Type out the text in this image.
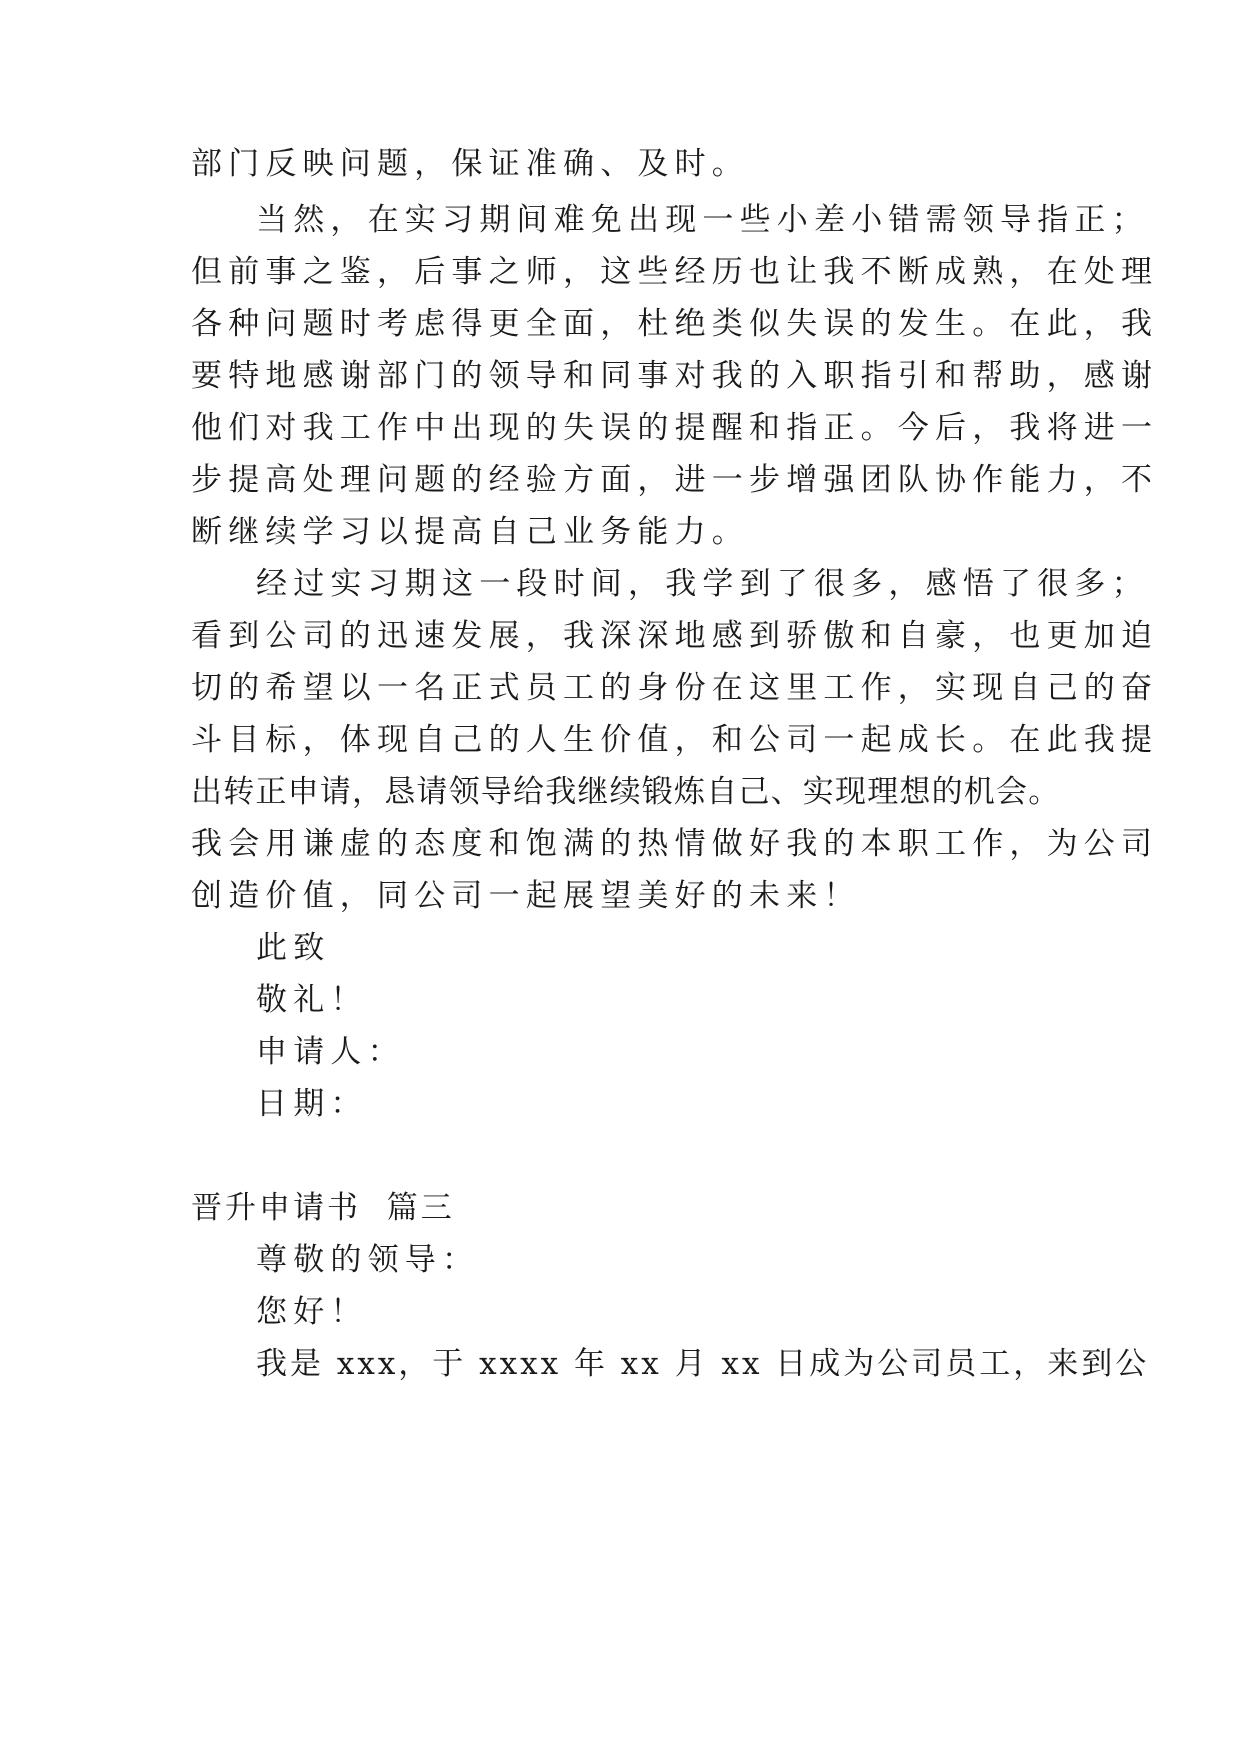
部门反映问题，保证准确、及时。
当然，在实习期间难免出现一些小差小错需领导指正；
但前事之鉴，后事之师，这些经历也让我不断成熟，在处理
各种问题时考虑得更全面，杜绝类似失误的发生。在此，我
要特地感谢部门的领导和同事对我的入职指引和帮助，感谢
他们对我工作中出现的失误的提醒和指正。今后，我将进一
步提高处理问题的经验方面，进一步增强团队协作能力，不
断继续学习以提高自己业务能力。
经过实习期这一段时间，我学到了很多，感悟了很多；
看到公司的迅速发展，我深深地感到骄傲和自豪，也更加迫
切的希望以一名正式员工的身份在这里工作，实现自己的奋
斗目标，体现自己的人生价值，和公司一起成长。在此我提
出转正申请，恳请领导给我继续锻炼自己、实现理想的机会。
我会用谦虚的态度和饱满的热情做好我的本职工作，为公司
创造价值，同公司一起展望美好的未来！
此致
敬礼！
申请人：
日期：
晋升申请书  篇三
尊敬的领导：
您好！
我是 xxx，于 xxxx 年 xx 月 xx 日成为公司员工，来到公
